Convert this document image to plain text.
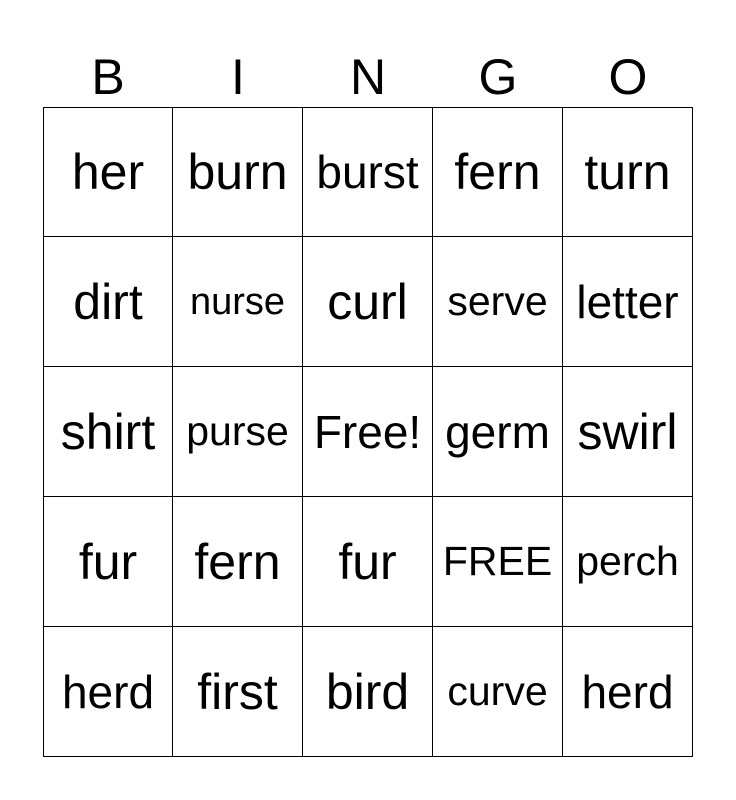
B	I	N	G	O
her burn burst fern turn
dirt	nurse curl serve letter
shirt purse Free! germ swirl
fur	fern	fur	FREE perch
herd first bird curve herd
